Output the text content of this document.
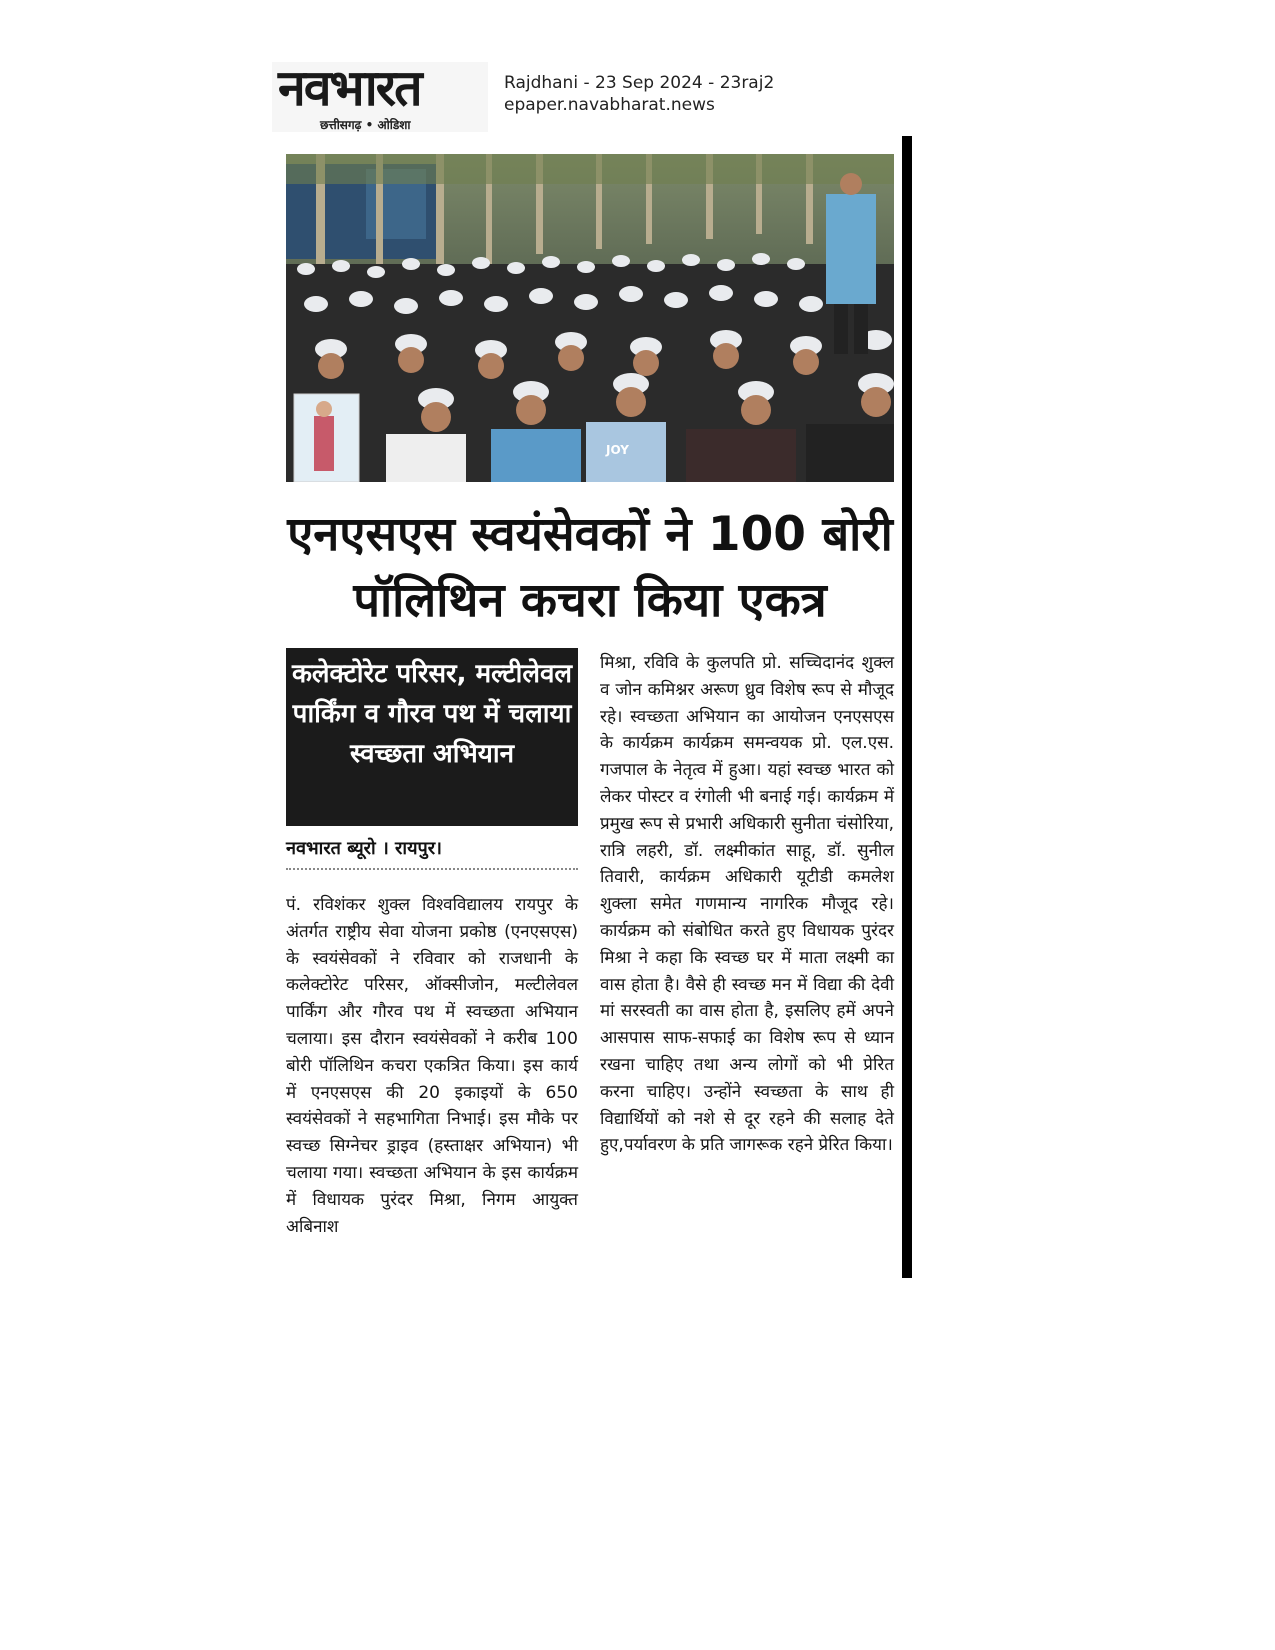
नवभारत
छत्तीसगढ़ • ओडिशा
Rajdhani - 23 Sep 2024 - 23raj2
epaper.navabharat.news
JOY
एनएसएस स्वयंसेवकों ने 100 बोरी
पॉलिथिन कचरा किया एकत्र
कलेक्टोरेट परिसर, मल्टीलेवल पार्किंग व गौरव पथ में चलाया स्वच्छता अभियान
नवभारत ब्यूरो । रायपुर।
पं. रविशंकर शुक्ल विश्वविद्यालय रायपुर के अंतर्गत राष्ट्रीय सेवा योजना प्रकोष्ठ (एनएसएस) के स्वयंसेवकों ने रविवार को राजधानी के कलेक्टोरेट परिसर, ऑक्सीजोन, मल्टीलेवल पार्किंग और गौरव पथ में स्वच्छता अभियान चलाया। इस दौरान स्वयंसेवकों ने करीब 100 बोरी पॉलिथिन कचरा एकत्रित किया। इस कार्य में एनएसएस की 20 इकाइयों के 650 स्वयंसेवकों ने सहभागिता निभाई। इस मौके पर स्वच्छ सिग्नेचर ड्राइव (हस्ताक्षर अभियान) भी चलाया गया। स्वच्छता अभियान के इस कार्यक्रम में विधायक पुरंदर मिश्रा, निगम आयुक्त अबिनाश
मिश्रा, रविवि के कुलपति प्रो. सच्चिदानंद शुक्ल व जोन कमिश्नर अरूण ध्रुव विशेष रूप से मौजूद रहे। स्वच्छता अभियान का आयोजन एनएसएस के कार्यक्रम कार्यक्रम समन्वयक प्रो. एल.एस. गजपाल के नेतृत्व में हुआ। यहां स्वच्छ भारत को लेकर पोस्टर व रंगोली भी बनाई गई। कार्यक्रम में प्रमुख रूप से प्रभारी अधिकारी सुनीता चंसोरिया, रात्रि लहरी, डॉ. लक्ष्मीकांत साहू, डॉ. सुनील तिवारी, कार्यक्रम अधिकारी यूटीडी कमलेश शुक्ला समेत गणमान्य नागरिक मौजूद रहे। कार्यक्रम को संबोधित करते हुए विधायक पुरंदर मिश्रा ने कहा कि स्वच्छ घर में माता लक्ष्मी का वास होता है। वैसे ही स्वच्छ मन में विद्या की देवी मां सरस्वती का वास होता है, इसलिए हमें अपने आसपास साफ-सफाई का विशेष रूप से ध्यान रखना चाहिए तथा अन्य लोगों को भी प्रेरित करना चाहिए। उन्होंने स्वच्छता के साथ ही विद्यार्थियों को नशे से दूर रहने की सलाह देते हुए,पर्यावरण के प्रति जागरूक रहने प्रेरित किया।
